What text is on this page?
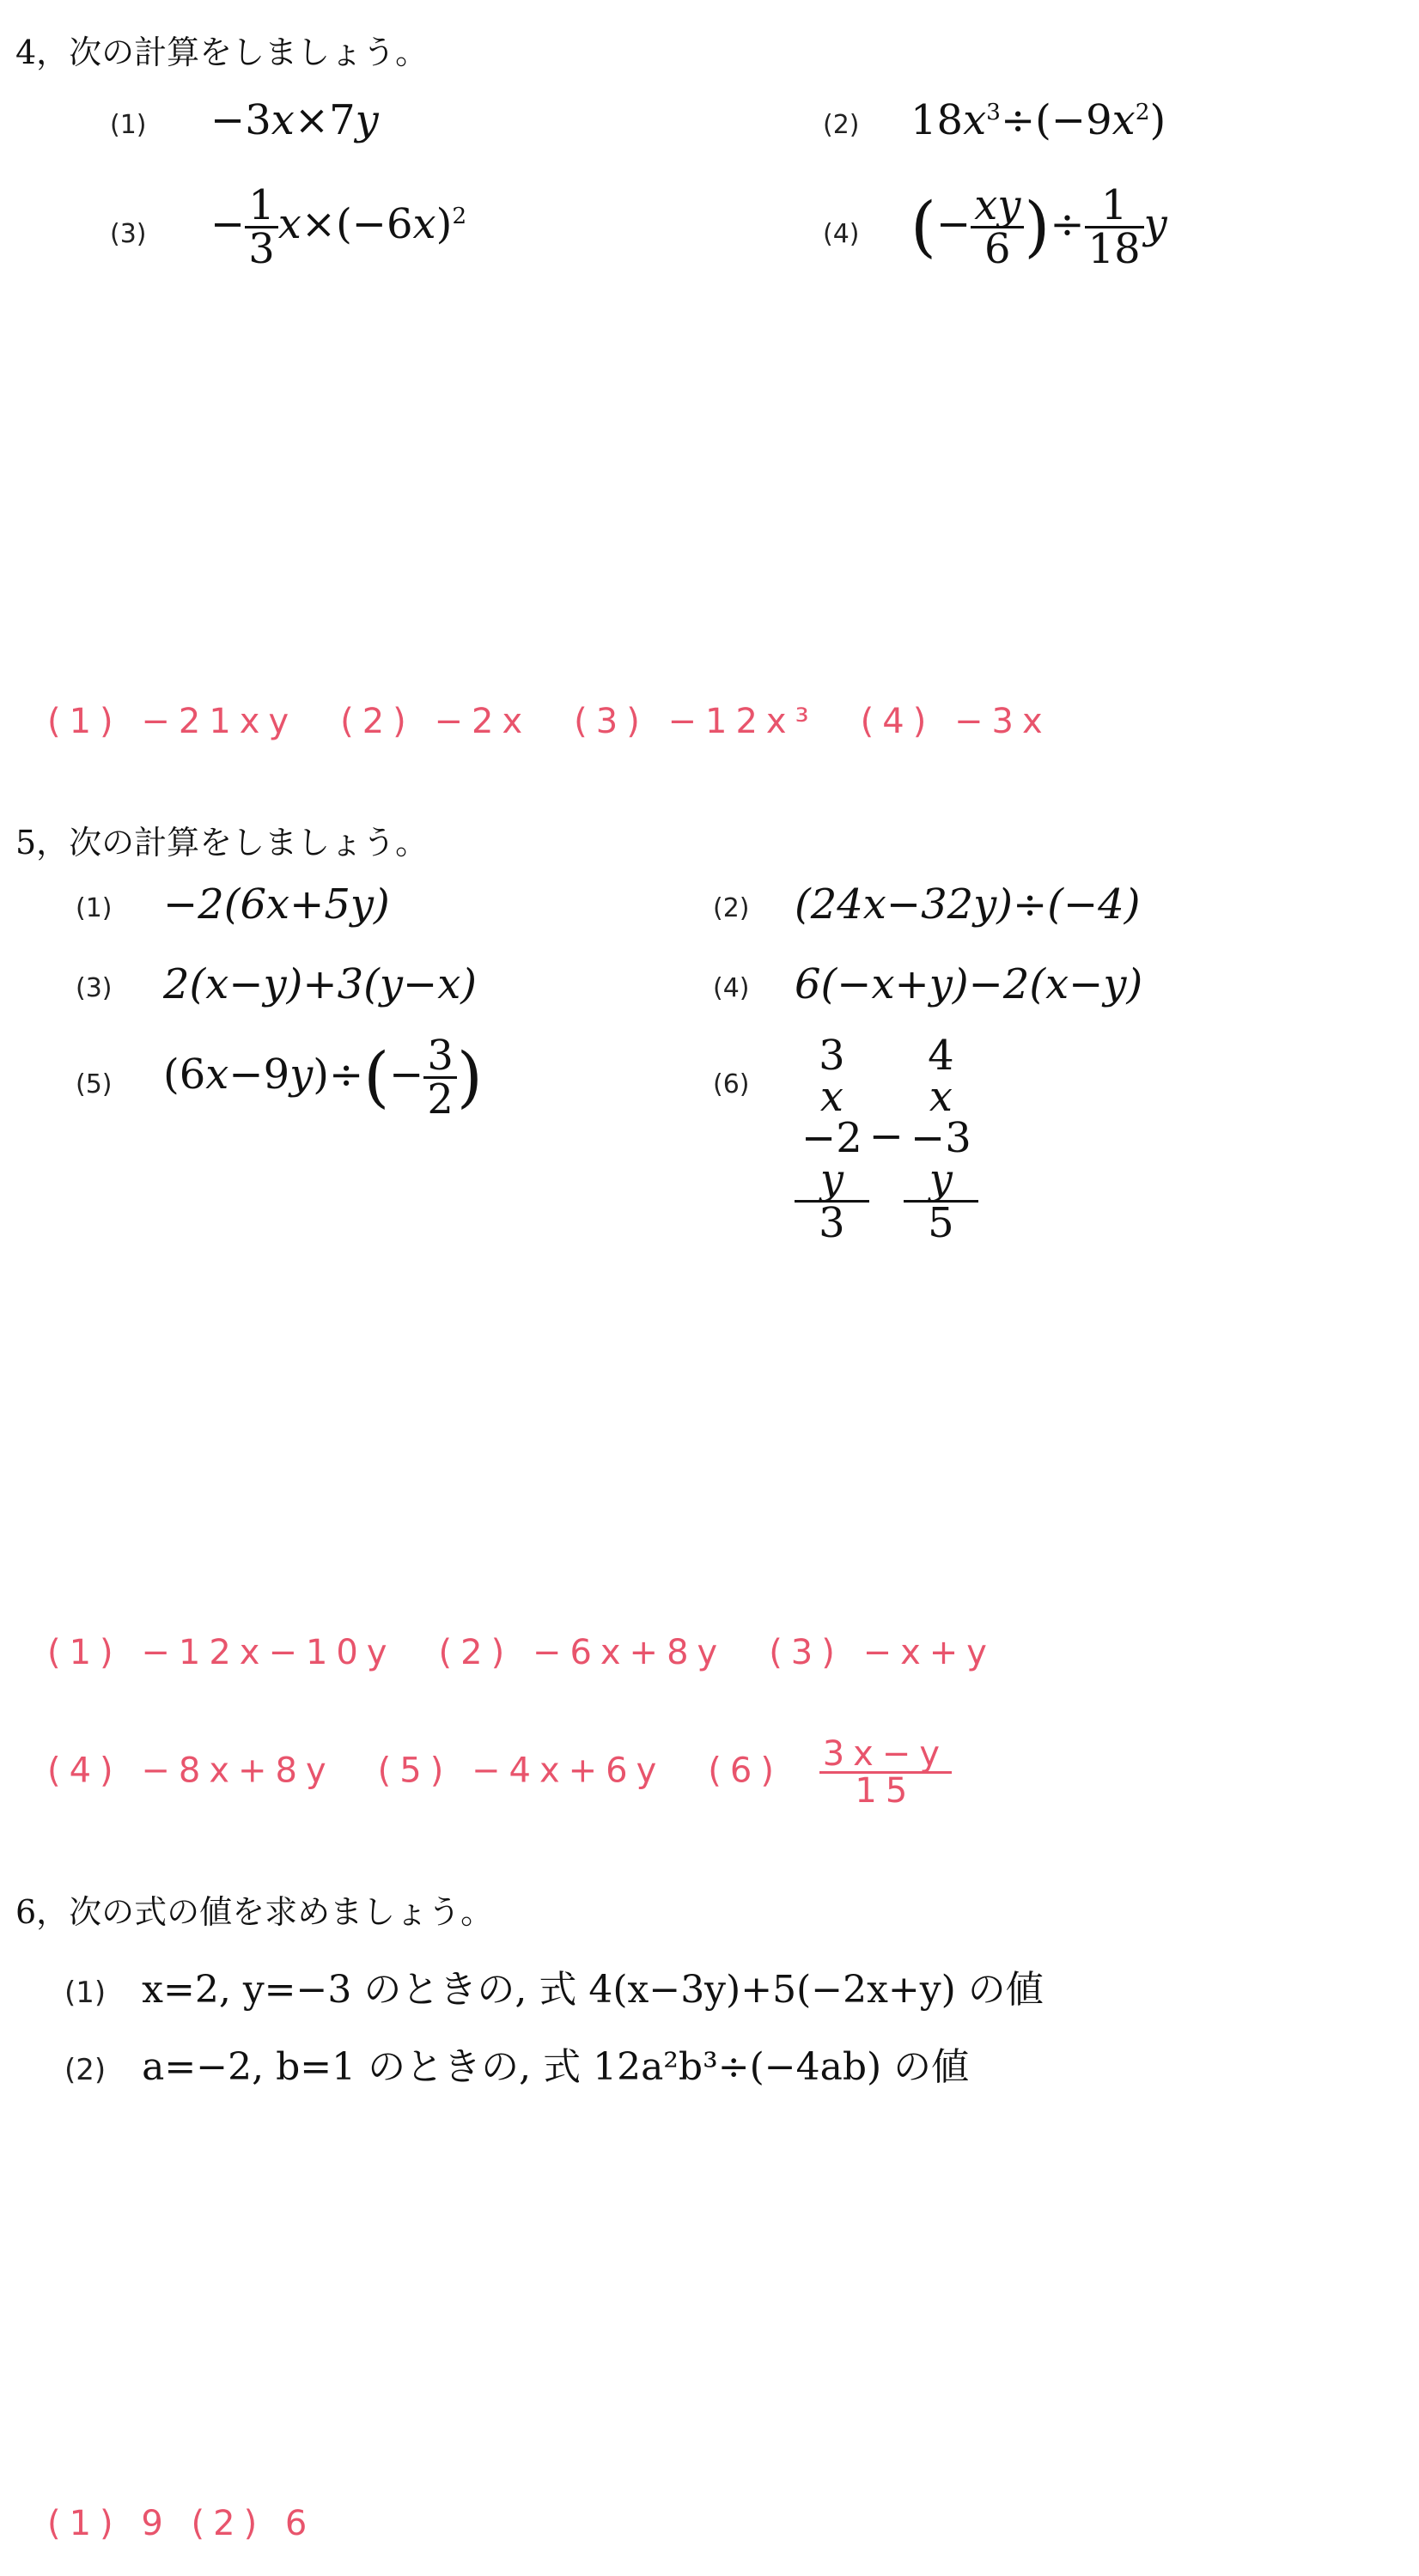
4，次の計算をしましょう。
(1) −3x×7y	(2) $18x^3\div(-9x^2)$
$(3) - \frac{1}{3} x\times(-6x)^2$
(4) (− $\frac{xy}{6}$ )÷ $\frac{1}{18}$ y
(1) −21xy　(2) −2x　(3) −12x³　(4) −3x
5，次の計算をしましょう。
(1) −2(6x+5y)	(2) (24x−32y)÷(−4)
(3) 2(x−y)+3(y−x)	(4) 6(−x+y)−2(x−y)
(5) $(6x-9y)\div(- \frac{3}{2}$ )	(6) 3
x
−2
y
3 − 4
x
−3
y
5
(1) −12x−10y　(2) −6x+8y　(3) −x+y
(4) −8x+8y　(5) −4x+6y　$(6) \frac{3x-y}{15}$
6，次の式の値を求めましょう。
(1) x=2, y=−3 のときの, 式 4(x−3y)+5(−2x+y) の値
(2) a=−2, b=1 のときの, 式 12a²b³÷(−4ab) の値
(1) 9 (2) 6
